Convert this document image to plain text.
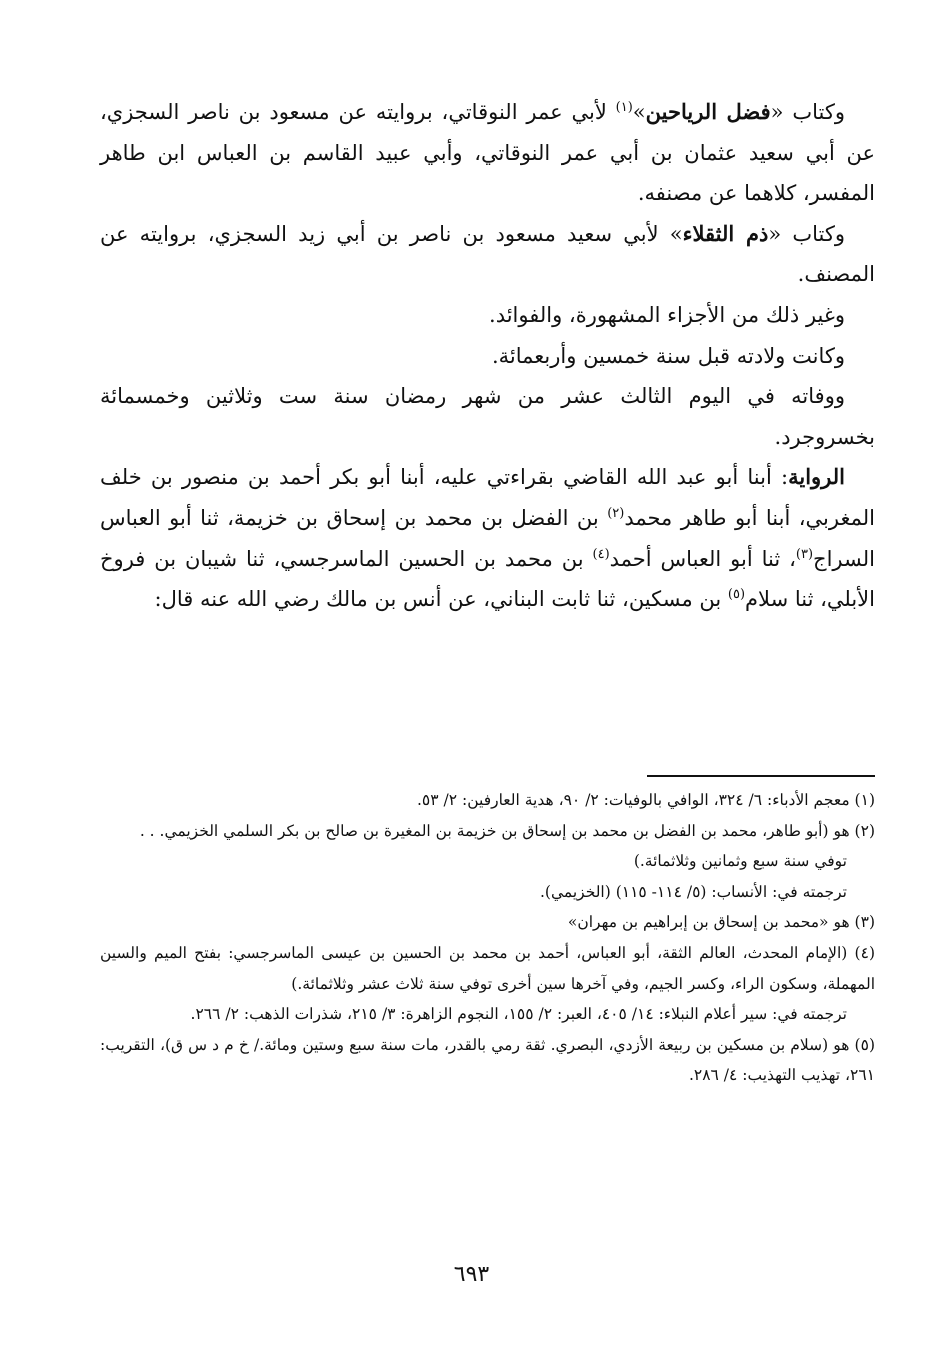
وكتاب «فضل الرياحين»$^{(١)}$ لأبي عمر النوقاتي، بروايته عن مسعود بن ناصر السجزي، عن أبي سعيد عثمان بن أبي عمر النوقاتي، وأبي عبيد القاسم بن العباس ابن طاهر المفسر، كلاهما عن مصنفه.

وكتاب «ذم الثقلاء» لأبي سعيد مسعود بن ناصر بن أبي زيد السجزي، بروايته عن المصنف.

وغير ذلك من الأجزاء المشهورة، والفوائد.

وكانت ولادته قبل سنة خمسين وأربعمائة.

ووفاته في اليوم الثالث عشر من شهر رمضان سنة ست وثلاثين وخمسمائة بخسروجرد.

الرواية: أبنا أبو عبد الله القاضي بقراءتي عليه، أبنا أبو بكر أحمد بن منصور بن خلف المغربي، أبنا أبو طاهر محمد$^{(٢)}$ بن الفضل بن محمد بن إسحاق بن خزيمة، ثنا أبو العباس السراج$^{(٣)}$، ثنا أبو العباس أحمد$^{(٤)}$ بن محمد بن الحسين الماسرجسي، ثنا شيبان بن فروخ الأبلي، ثنا سلام$^{(٥)}$ بن مسكين، ثنا ثابت البناني، عن أنس بن مالك رضي الله عنه قال:

(١) معجم الأدباء: ٦/ ٣٢٤، الوافي بالوفيات: ٢/ ٩٠، هدية العارفين: ٢/ ٥٣.

(٢) هو (أبو طاهر، محمد بن الفضل بن محمد بن إسحاق بن خزيمة بن المغيرة بن صالح بن بكر السلمي الخزيمي. . .

توفي سنة سبع وثمانين وثلاثمائة.)

ترجمته في: الأنساب: (٥/ ١١٤- ١١٥) (الخزيمي).

(٣) هو «محمد بن إسحاق بن إبراهيم بن مهران»

(٤) (الإمام المحدث، العالم الثقة، أبو العباس، أحمد بن محمد بن الحسين بن عيسى الماسرجسي: بفتح الميم والسين المهملة، وسكون الراء، وكسر الجيم، وفي آخرها سين أخرى توفي سنة ثلاث عشر وثلاثمائة.)

ترجمته في: سير أعلام النبلاء: ١٤/ ٤٠٥، العبر: ٢/ ١٥٥، النجوم الزاهرة: ٣/ ٢١٥، شذرات الذهب: ٢/ ٢٦٦.

(٥) هو (سلام بن مسكين بن ربيعة الأزدي، البصري. ثقة رمي بالقدر، مات سنة سبع وستين ومائة./ خ م د س ق)، التقريب: ٢٦١، تهذيب التهذيب: ٤/ ٢٨٦.

٦٩٣
